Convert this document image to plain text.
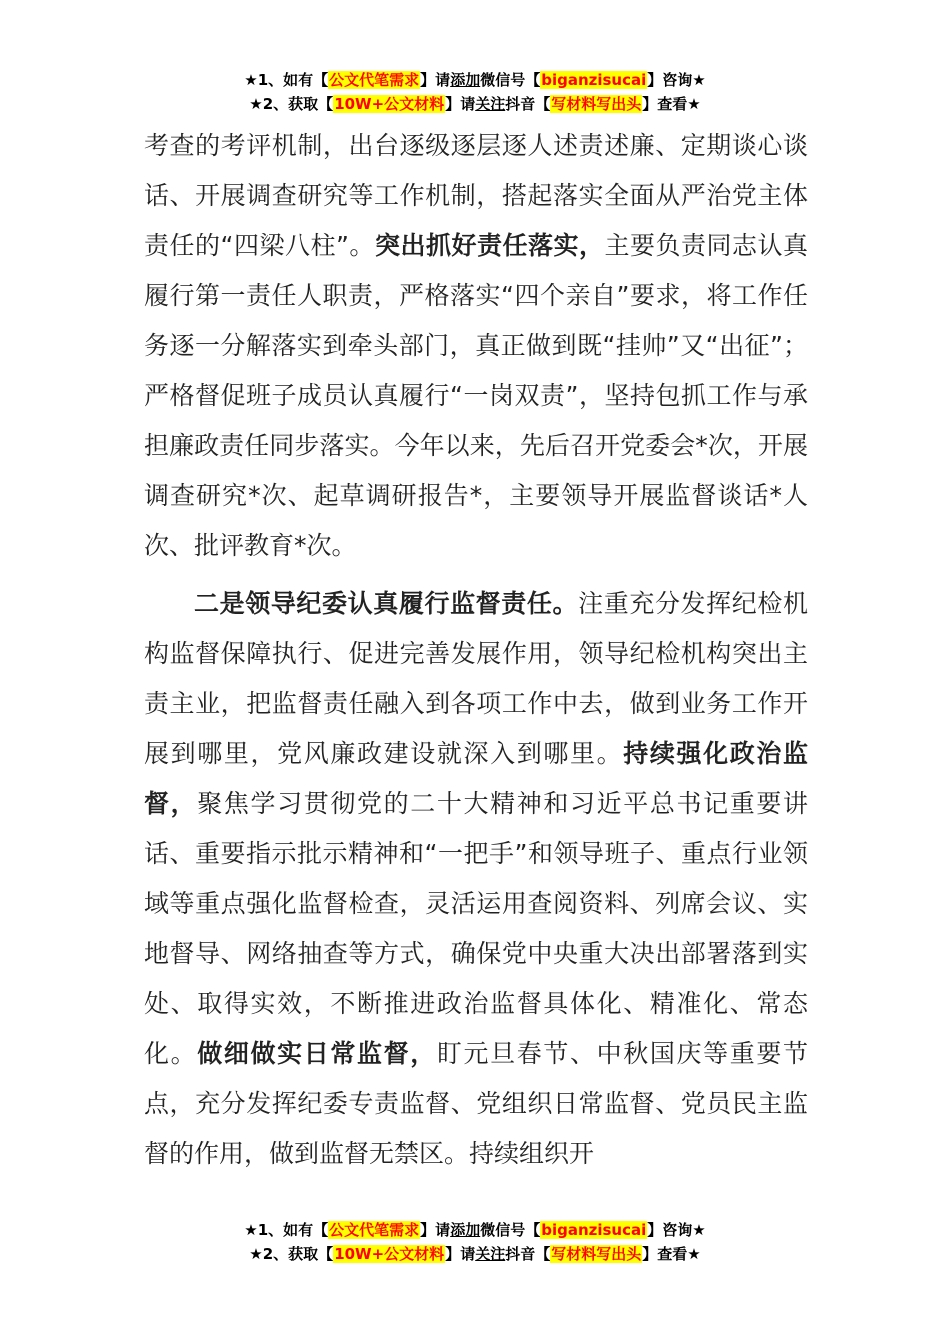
★1、如有【公文代笔需求】请添加微信号【biganzisucai】咨询★
★2、获取【10W+公文材料】请关注抖音【写材料写出头】查看★

考查的考评机制，出台逐级逐层逐人述责述廉、定期谈心谈话、开展调查研究等工作机制，搭起落实全面从严治党主体责任的“四梁八柱”。突出抓好责任落实，主要负责同志认真履行第一责任人职责，严格落实“四个亲自”要求，将工作任务逐一分解落实到牵头部门，真正做到既“挂帅”又“出征”；严格督促班子成员认真履行“一岗双责”，坚持包抓工作与承担廉政责任同步落实。今年以来，先后召开党委会*次，开展调查研究*次、起草调研报告*，主要领导开展监督谈话*人次、批评教育*次。

二是领导纪委认真履行监督责任。注重充分发挥纪检机构监督保障执行、促进完善发展作用，领导纪检机构突出主责主业，把监督责任融入到各项工作中去，做到业务工作开展到哪里，党风廉政建设就深入到哪里。持续强化政治监督，聚焦学习贯彻党的二十大精神和习近平总书记重要讲话、重要指示批示精神和“一把手”和领导班子、重点行业领域等重点强化监督检查，灵活运用查阅资料、列席会议、实地督导、网络抽查等方式，确保党中央重大决出部署落到实处、取得实效，不断推进政治监督具体化、精准化、常态化。做细做实日常监督，盯元旦春节、中秋国庆等重要节点，充分发挥纪委专责监督、党组织日常监督、党员民主监督的作用，做到监督无禁区。持续组织开

★1、如有【公文代笔需求】请添加微信号【biganzisucai】咨询★
★2、获取【10W+公文材料】请关注抖音【写材料写出头】查看★
